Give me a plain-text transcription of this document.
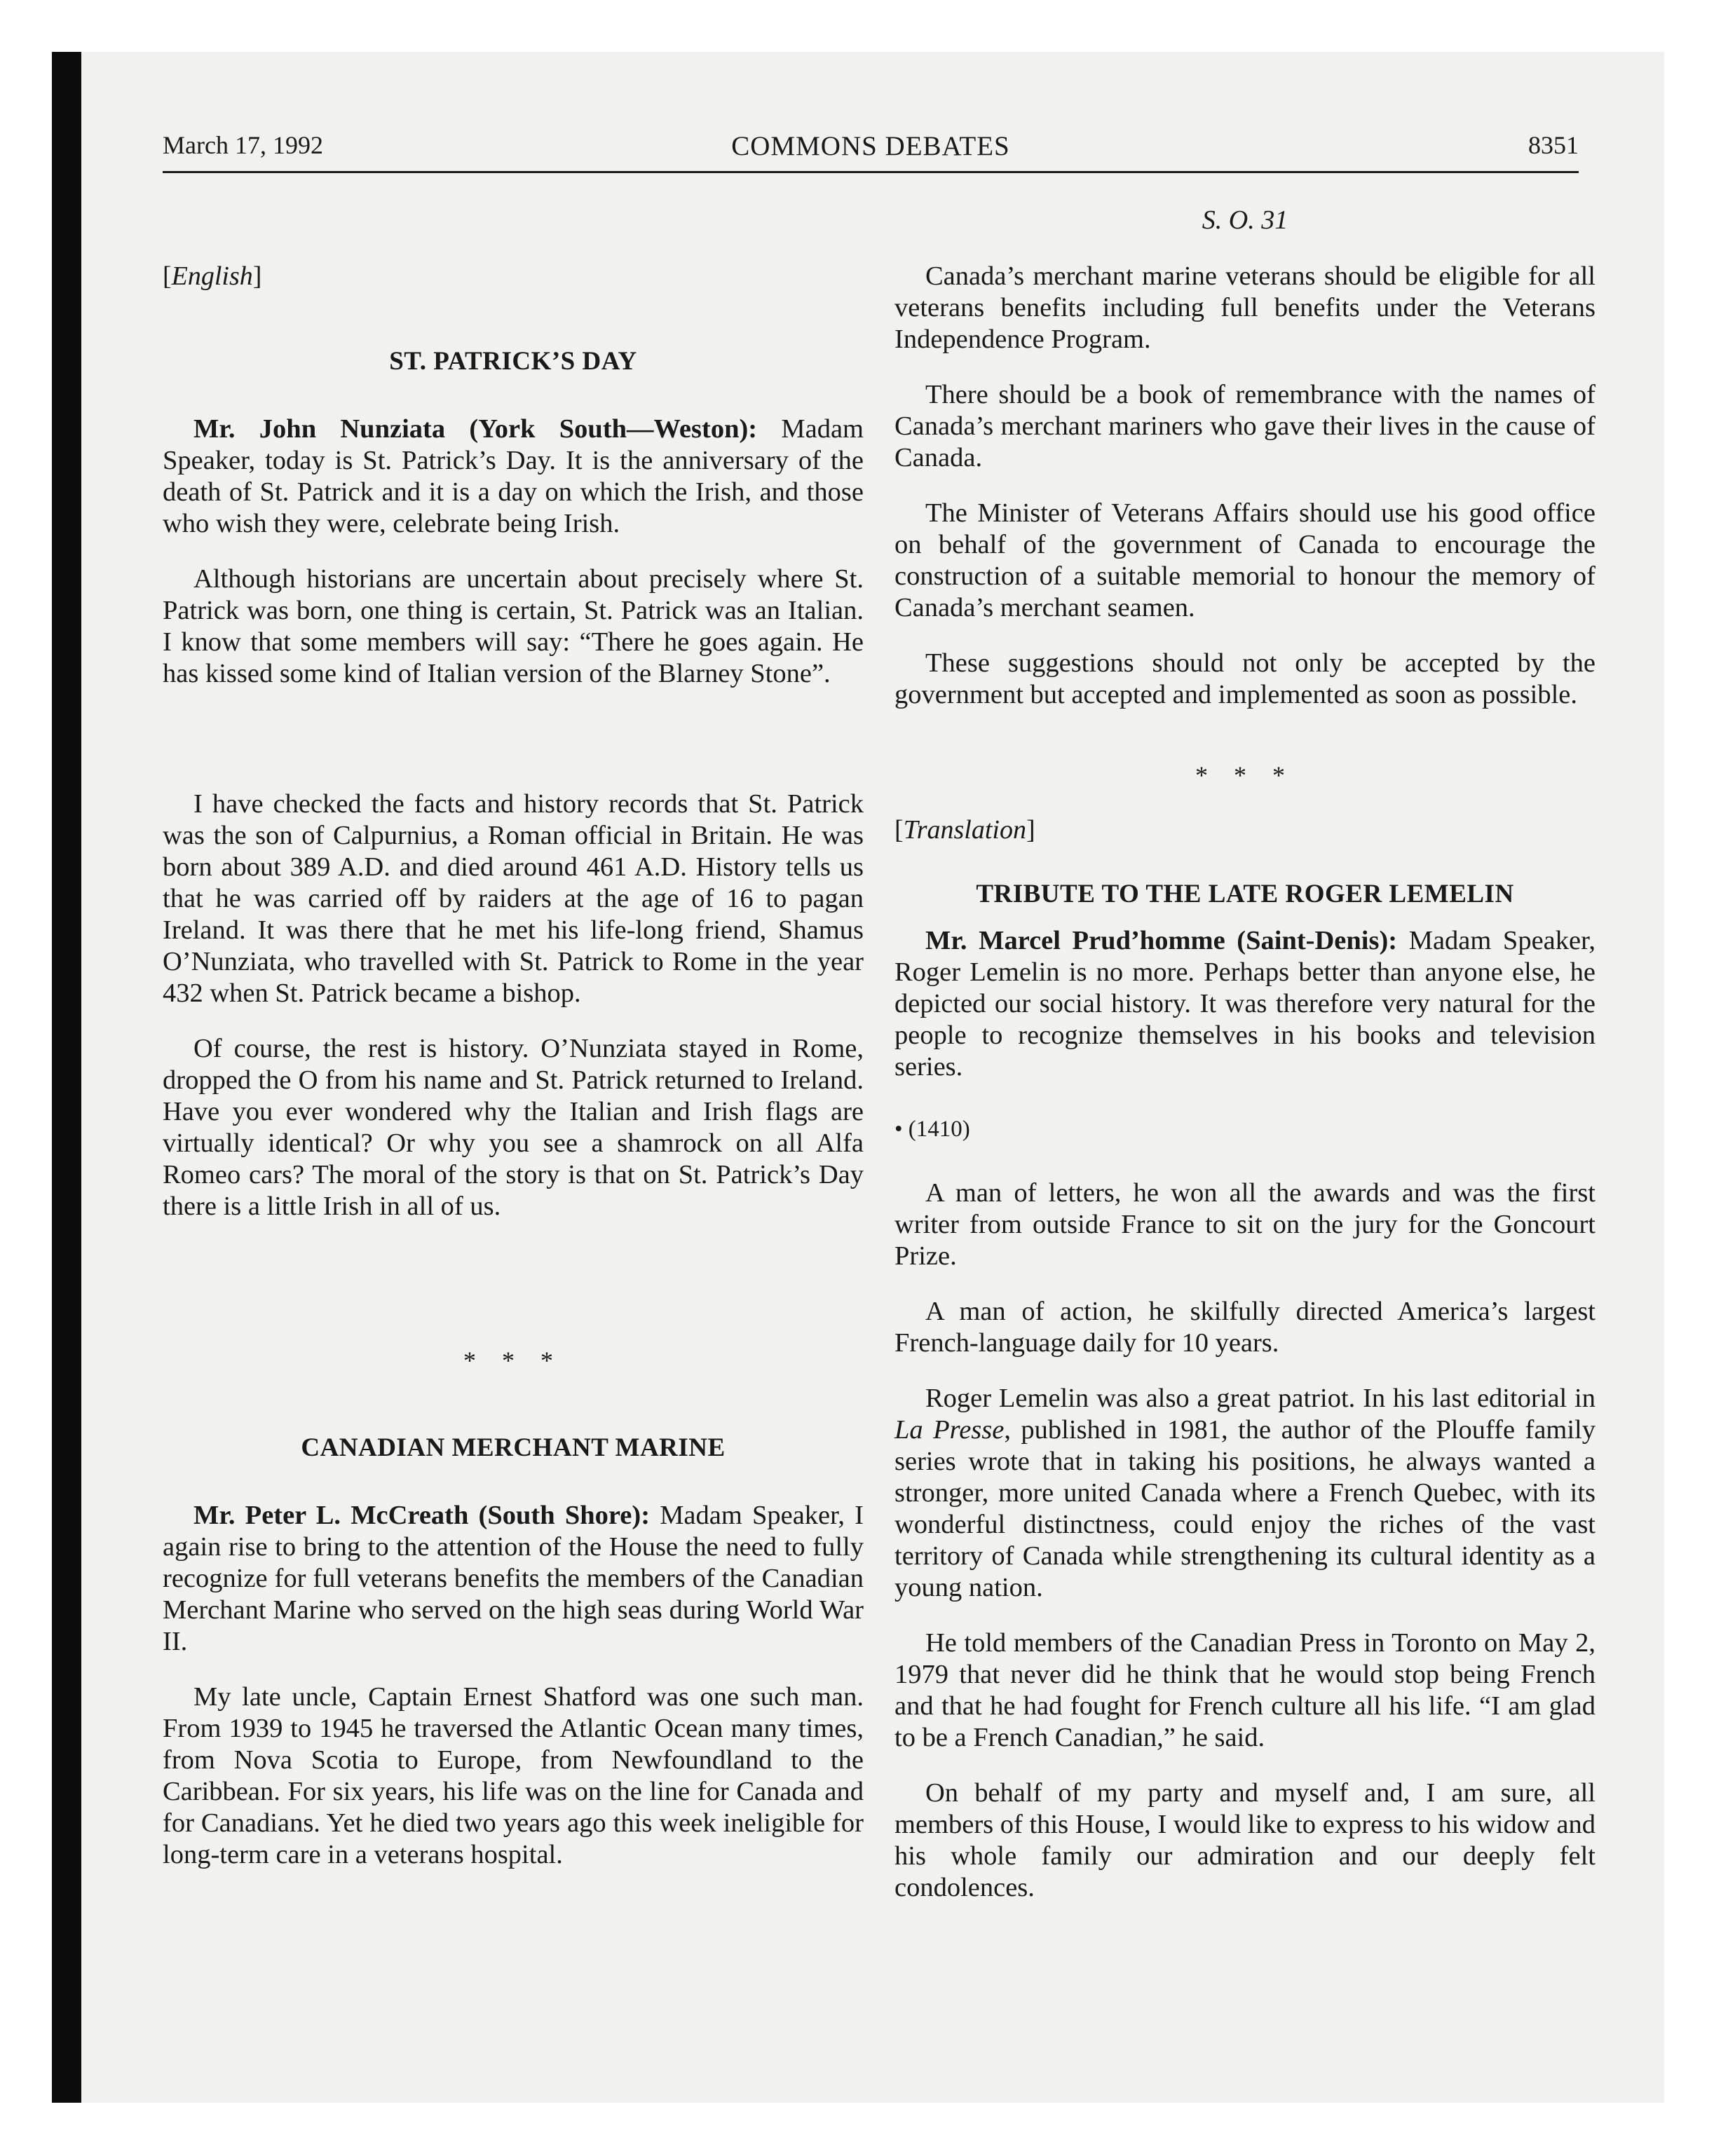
March 17, 1992	COMMONS DEBATES	8351
[English]
ST. PATRICK’S DAY

Mr. John Nunziata (York South—Weston): Madam Speaker, today is St. Patrick’s Day. It is the anniversary of the death of St. Patrick and it is a day on which the Irish, and those who wish they were, celebrate being Irish.

Although historians are uncertain about precisely where St. Patrick was born, one thing is certain, St. Patrick was an Italian. I know that some members will say: “There he goes again. He has kissed some kind of Italian version of the Blarney Stone”.

I have checked the facts and history records that St. Patrick was the son of Calpurnius, a Roman official in Britain. He was born about 389 A.D. and died around 461 A.D. History tells us that he was carried off by raiders at the age of 16 to pagan Ireland. It was there that he met his life-long friend, Shamus O’Nunziata, who travelled with St. Patrick to Rome in the year 432 when St. Patrick became a bishop.

Of course, the rest is history. O’Nunziata stayed in Rome, dropped the O from his name and St. Patrick returned to Ireland. Have you ever wondered why the Italian and Irish flags are virtually identical? Or why you see a shamrock on all Alfa Romeo cars? The moral of the story is that on St. Patrick’s Day there is a little Irish in all of us.

* * *
CANADIAN MERCHANT MARINE

Mr. Peter L. McCreath (South Shore): Madam Speaker, I again rise to bring to the attention of the House the need to fully recognize for full veterans benefits the members of the Canadian Merchant Marine who served on the high seas during World War II.

My late uncle, Captain Ernest Shatford was one such man. From 1939 to 1945 he traversed the Atlantic Ocean many times, from Nova Scotia to Europe, from Newfoundland to the Caribbean. For six years, his life was on the line for Canada and for Canadians. Yet he died two years ago this week ineligible for long-term care in a veterans hospital.

S. O. 31

Canada’s merchant marine veterans should be eligible for all veterans benefits including full benefits under the Veterans Independence Program.

There should be a book of remembrance with the names of Canada’s merchant mariners who gave their lives in the cause of Canada.

The Minister of Veterans Affairs should use his good office on behalf of the government of Canada to encourage the construction of a suitable memorial to honour the memory of Canada’s merchant seamen.

These suggestions should not only be accepted by the government but accepted and implemented as soon as possible.

* * *
[Translation]
TRIBUTE TO THE LATE ROGER LEMELIN

Mr. Marcel Prud’homme (Saint-Denis): Madam Speaker, Roger Lemelin is no more. Perhaps better than anyone else, he depicted our social history. It was therefore very natural for the people to recognize themselves in his books and television series.

• (1410)

A man of letters, he won all the awards and was the first writer from outside France to sit on the jury for the Goncourt Prize.

A man of action, he skilfully directed America’s largest French-language daily for 10 years.

Roger Lemelin was also a great patriot. In his last editorial in La Presse, published in 1981, the author of the Plouffe family series wrote that in taking his positions, he always wanted a stronger, more united Canada where a French Quebec, with its wonderful distinctness, could enjoy the riches of the vast territory of Canada while strengthening its cultural identity as a young nation.

He told members of the Canadian Press in Toronto on May 2, 1979 that never did he think that he would stop being French and that he had fought for French culture all his life. “I am glad to be a French Canadian,” he said.

On behalf of my party and myself and, I am sure, all members of this House, I would like to express to his widow and his whole family our admiration and our deeply felt condolences.
